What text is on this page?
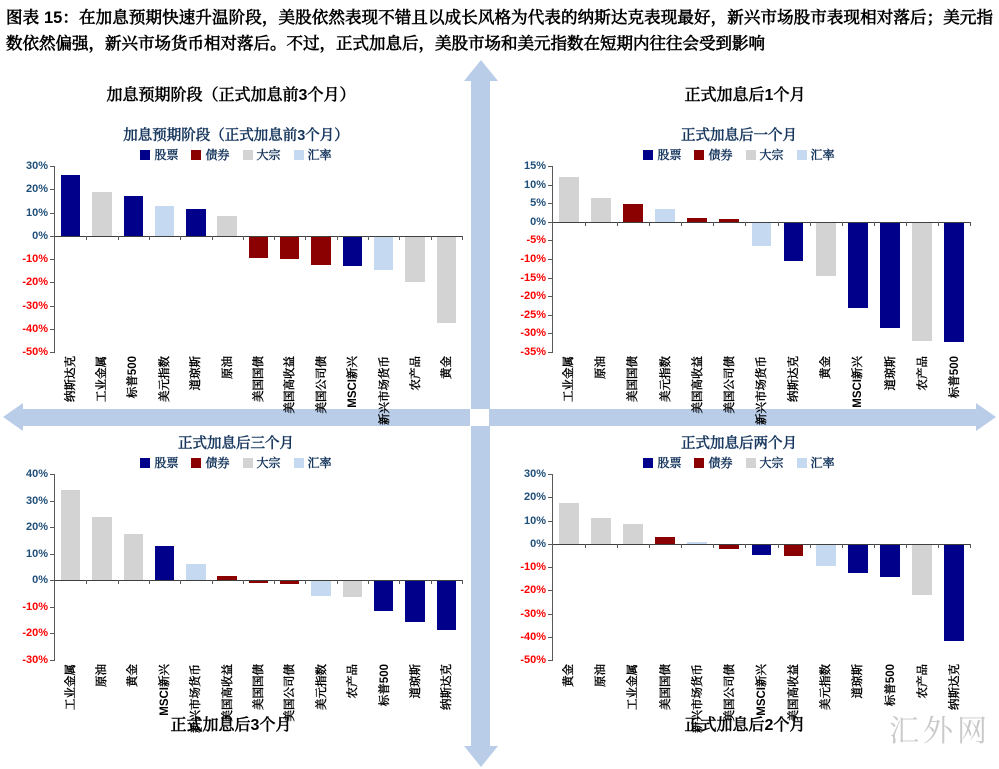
图表 15：在加息预期快速升温阶段，美股依然表现不错且以成长风格为代表的纳斯达克表现最好，新兴市场股市表现相对落后；美元指数依然偏强，新兴市场货币相对落后。不过，正式加息后，美股市场和美元指数在短期内往往会受到影响
加息预期阶段（正式加息前3个月）	正式加息后1个月
正式加息后3个月	正式加息后2个月
加息预期阶段（正式加息前3个月）
股票 债券 大宗 汇率
30%
20%
10%
0%
-10%
-20%
-30%
-40%
-50%
纳斯达克 工业金属 标普500 美元指数 道琼斯 原油 美国国债 美国高收益 美国公司债 MSCI新兴 新兴市场货币 农产品 黄金
正式加息后一个月
股票 债券 大宗 汇率
15%
10%
5%
0%
-5%
-10%
-15%
-20%
-25%
-30%
-35%
工业金属 原油 美国国债 美元指数 美国高收益 美国公司债 新兴市场货币 纳斯达克 黄金 MSCI新兴 道琼斯 农产品 标普500
正式加息后三个月
股票 债券 大宗 汇率
40%
30%
20%
10%
0%
-10%
-20%
-30%
工业金属 原油 黄金 MSCI新兴 新兴市场货币 美国高收益 美国国债 美国公司债 美元指数 农产品 标普500 道琼斯 纳斯达克
正式加息后两个月
股票 债券 大宗 汇率
30%
20%
10%
0%
-10%
-20%
-30%
-40%
-50%
黄金 原油 工业金属 美国国债 新兴市场货币 美国公司债 MSCI新兴 美国高收益 美元指数 道琼斯 标普500 农产品 纳斯达克
汇外网
